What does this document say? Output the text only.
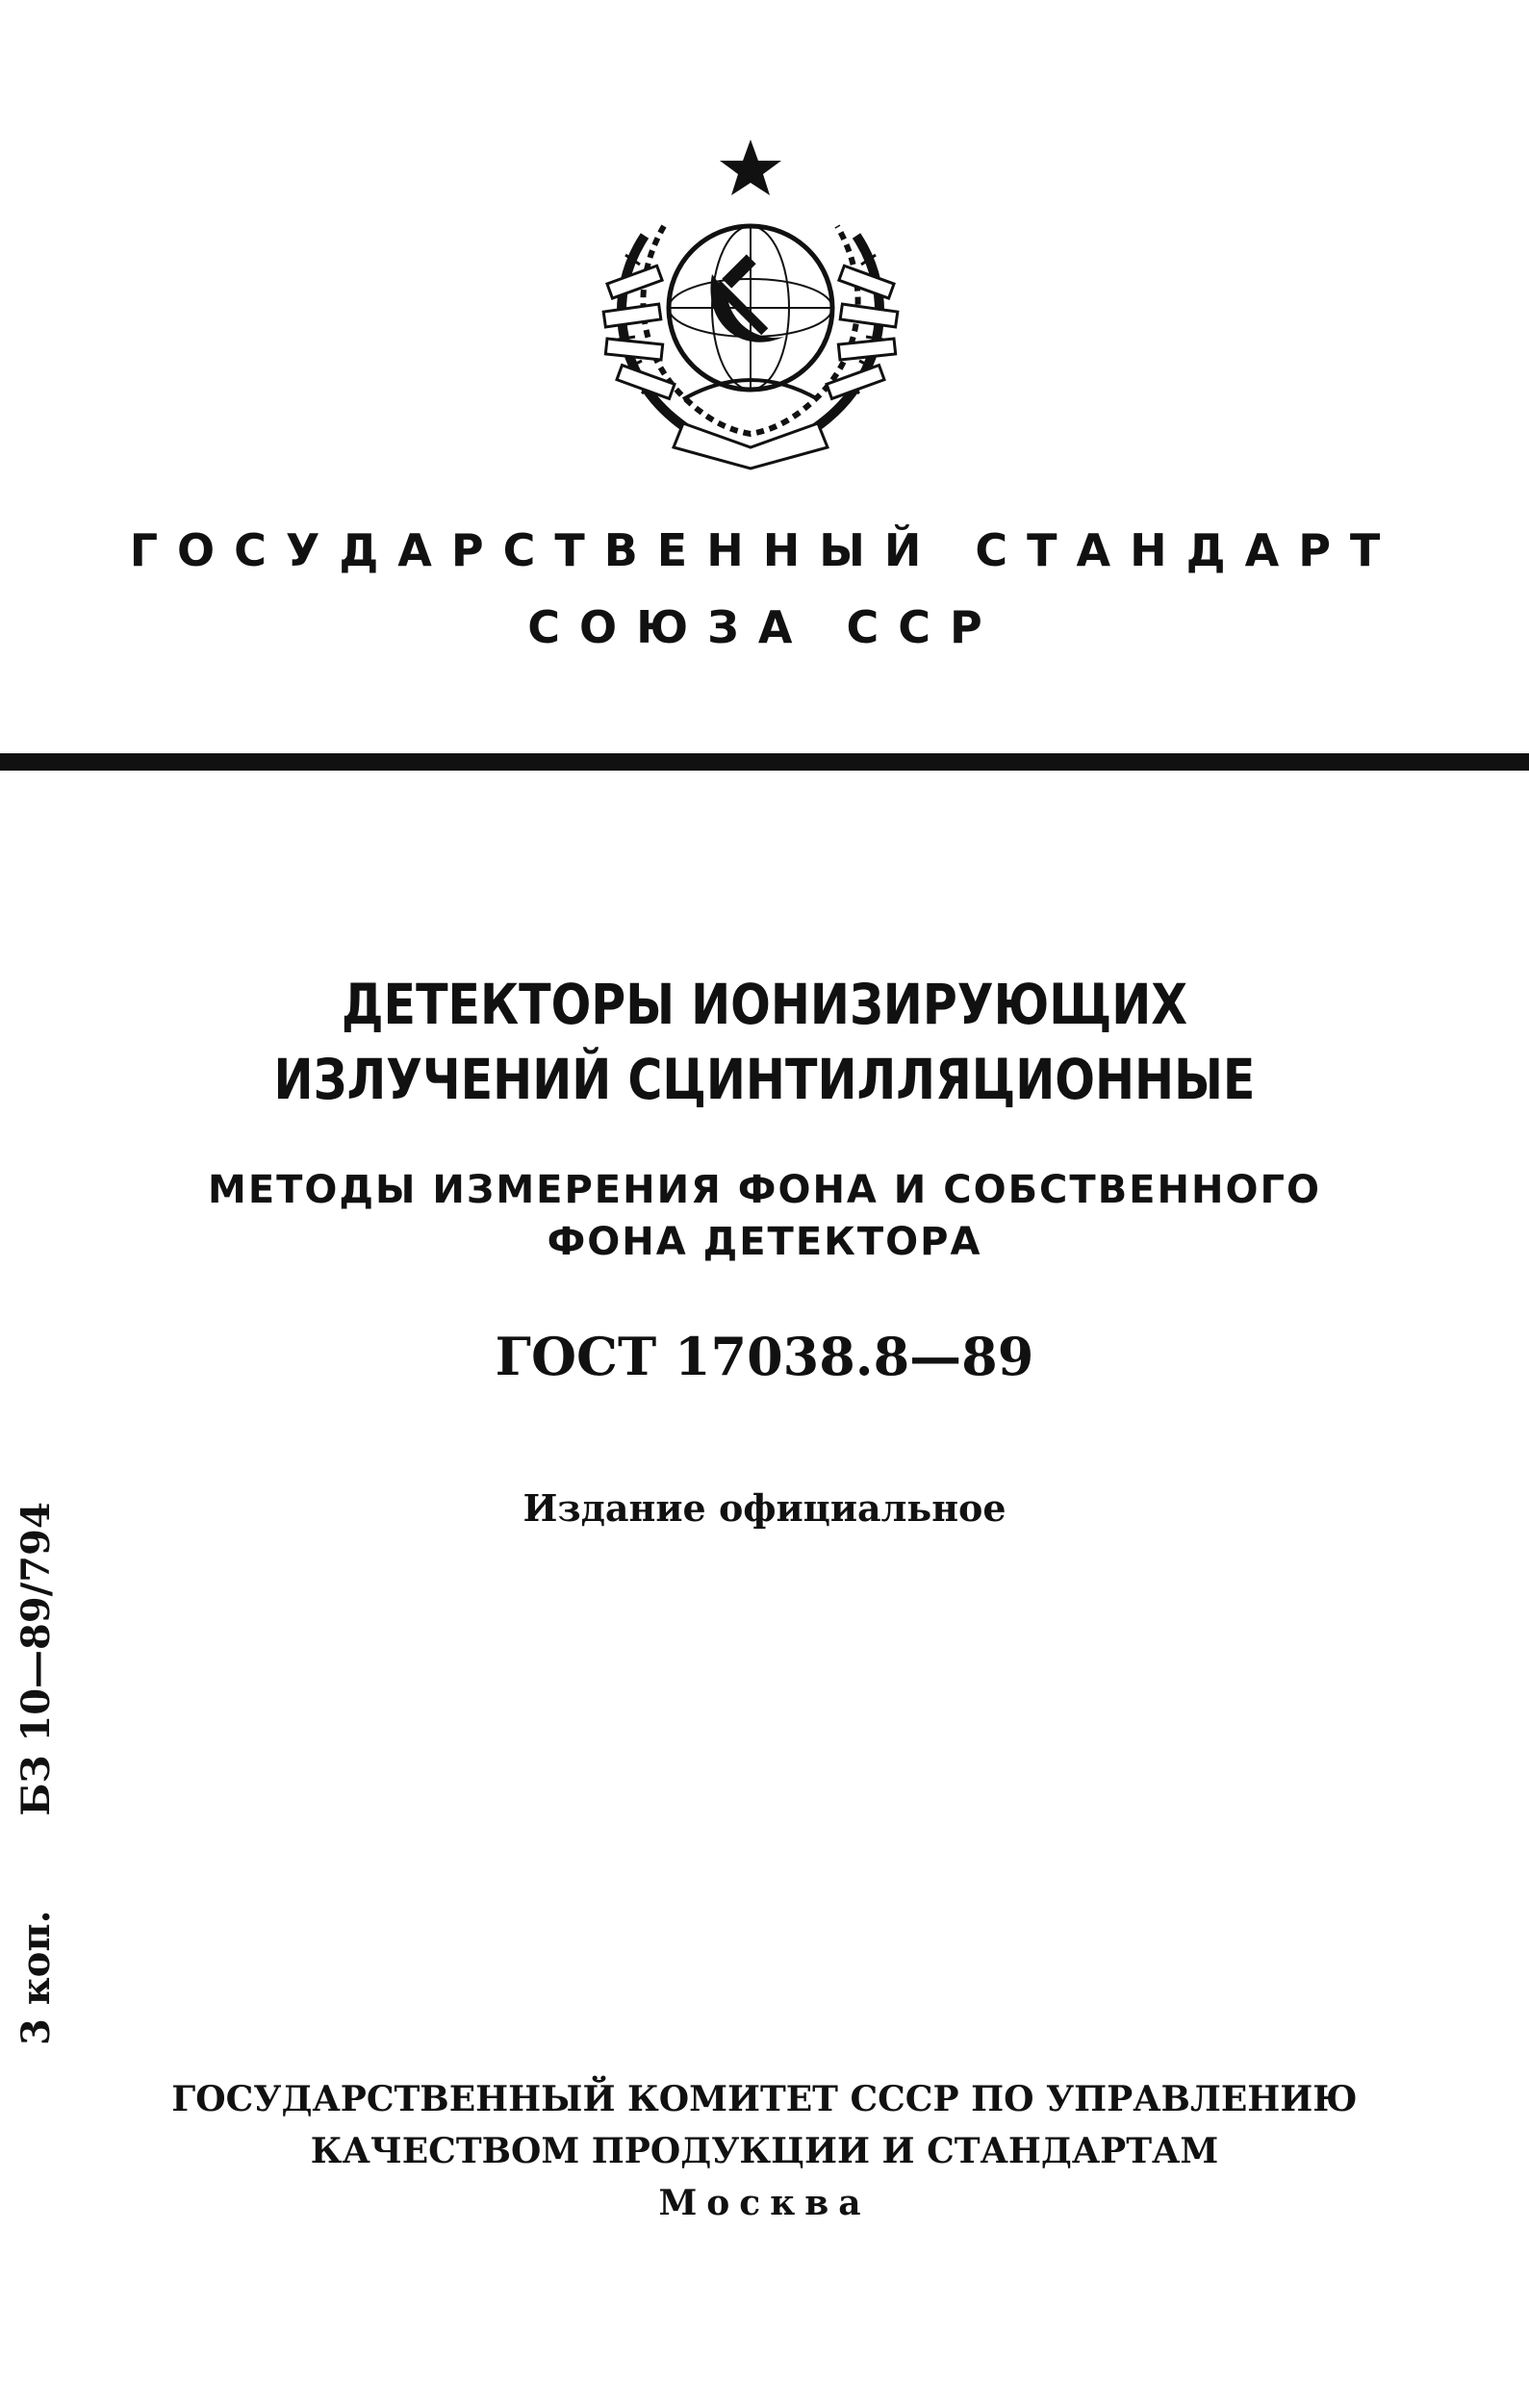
ГОСУДАРСТВЕННЫЙ СТАНДАРТ
СОЮЗА ССР
ДЕТЕКТОРЫ ИОНИЗИРУЮЩИХ
ИЗЛУЧЕНИЙ СЦИНТИЛЛЯЦИОННЫЕ
МЕТОДЫ ИЗМЕРЕНИЯ ФОНА И СОБСТВЕННОГО
ФОНА ДЕТЕКТОРА
ГОСТ 17038.8—89
Издание официальное
3 коп.  БЗ 10—89/794
ГОСУДАРСТВЕННЫЙ КОМИТЕТ СССР ПО УПРАВЛЕНИЮ
КАЧЕСТВОМ ПРОДУКЦИИ И СТАНДАРТАМ
Москва
